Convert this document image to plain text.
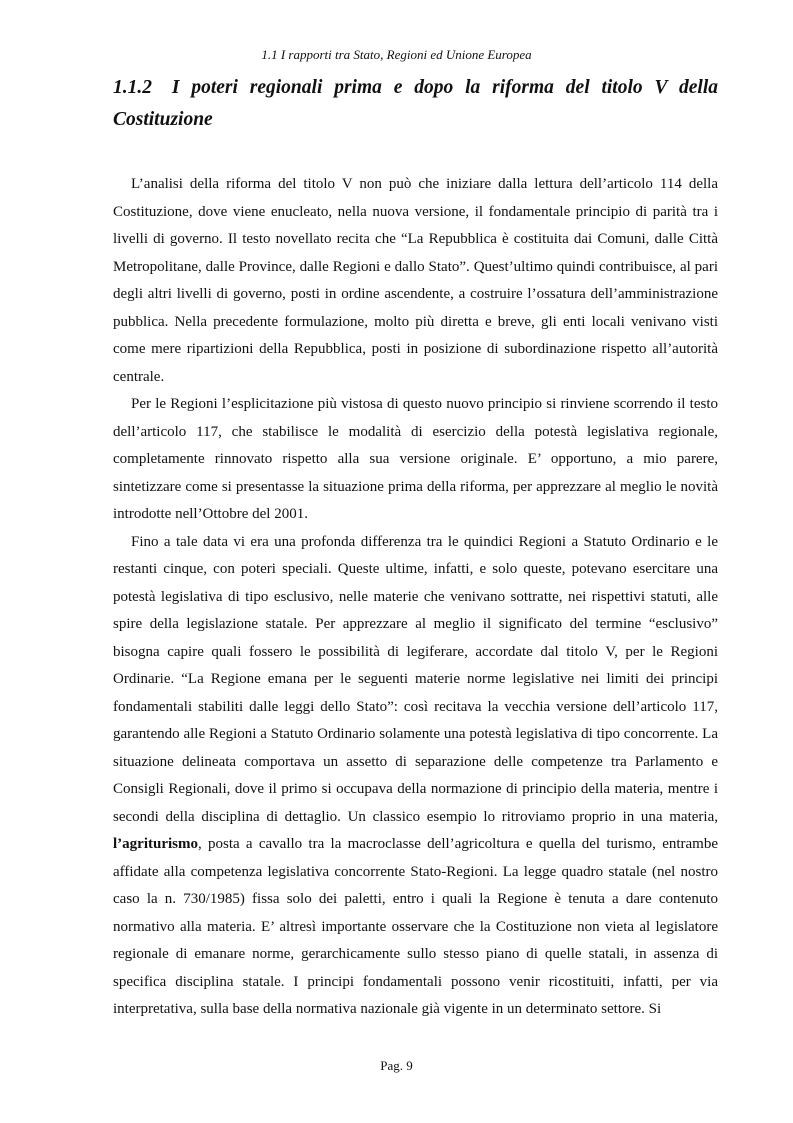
1.1 I rapporti tra Stato, Regioni ed Unione Europea
1.1.2 I poteri regionali prima e dopo la riforma del titolo V della Costituzione

L’analisi della riforma del titolo V non può che iniziare dalla lettura dell’articolo 114 della Costituzione, dove viene enucleato, nella nuova versione, il fondamentale principio di parità tra i livelli di governo. Il testo novellato recita che “La Repubblica è costituita dai Comuni, dalle Città Metropolitane, dalle Province, dalle Regioni e dallo Stato”. Quest’ultimo quindi contribuisce, al pari degli altri livelli di governo, posti in ordine ascendente, a costruire l’ossatura dell’amministrazione pubblica. Nella precedente formulazione, molto più diretta e breve, gli enti locali venivano visti come mere ripartizioni della Repubblica, posti in posizione di subordinazione rispetto all’autorità centrale.

Per le Regioni l’esplicitazione più vistosa di questo nuovo principio si rinviene scorrendo il testo dell’articolo 117, che stabilisce le modalità di esercizio della potestà legislativa regionale, completamente rinnovato rispetto alla sua versione originale. E’ opportuno, a mio parere, sintetizzare come si presentasse la situazione prima della riforma, per apprezzare al meglio le novità introdotte nell’Ottobre del 2001.

Fino a tale data vi era una profonda differenza tra le quindici Regioni a Statuto Ordinario e le restanti cinque, con poteri speciali. Queste ultime, infatti, e solo queste, potevano esercitare una potestà legislativa di tipo esclusivo, nelle materie che venivano sottratte, nei rispettivi statuti, alle spire della legislazione statale. Per apprezzare al meglio il significato del termine “esclusivo” bisogna capire quali fossero le possibilità di legiferare, accordate dal titolo V, per le Regioni Ordinarie. “La Regione emana per le seguenti materie norme legislative nei limiti dei principi fondamentali stabiliti dalle leggi dello Stato”: così recitava la vecchia versione dell’articolo 117, garantendo alle Regioni a Statuto Ordinario solamente una potestà legislativa di tipo concorrente. La situazione delineata comportava un assetto di separazione delle competenze tra Parlamento e Consigli Regionali, dove il primo si occupava della normazione di principio della materia, mentre i secondi della disciplina di dettaglio. Un classico esempio lo ritroviamo proprio in una materia, l’agriturismo, posta a cavallo tra la macroclasse dell’agricoltura e quella del turismo, entrambe affidate alla competenza legislativa concorrente Stato-Regioni. La legge quadro statale (nel nostro caso la n. 730/1985) fissa solo dei paletti, entro i quali la Regione è tenuta a dare contenuto normativo alla materia. E’ altresì importante osservare che la Costituzione non vieta al legislatore regionale di emanare norme, gerarchicamente sullo stesso piano di quelle statali, in assenza di specifica disciplina statale. I principi fondamentali possono venir ricostituiti, infatti, per via interpretativa, sulla base della normativa nazionale già vigente in un determinato settore. Si

Pag. 9
